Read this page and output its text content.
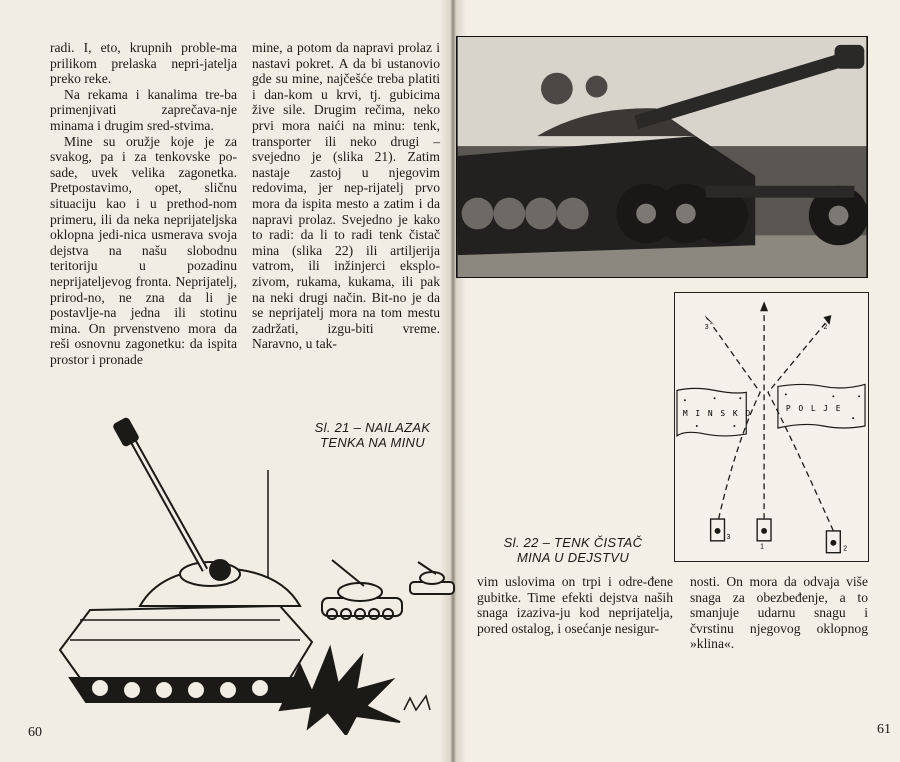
radi. I, eto, krupnih proble-ma prilikom prelaska nepri-jatelja preko reke.

Na rekama i kanalima tre-ba primenjivati zaprečava-nje minama i drugim sred-stvima.

Mine su oružje koje je za svakog, pa i za tenkovske po-sade, uvek velika zagonetka. Pretpostavimo, opet, sličnu situaciju kao i u prethod-nom primeru, ili da neka neprijateljska oklopna jedi-nica usmerava svoja dejstva na našu slobodnu teritoriju u pozadinu neprijateljevog fronta. Neprijatelj, prirod-no, ne zna da li je postavlje-na jedna ili stotinu mina. On prvenstveno mora da reši osnovnu zagonetku: da ispita prostor i pronade

mine, a potom da napravi prolaz i nastavi pokret. A da bi ustanovio gde su mine, najčešće treba platiti i dan-kom u krvi, tj. gubicima žive sile. Drugim rečima, neko prvi mora naići na minu: tenk, transporter ili neko drugi – svejedno je (slika 21). Zatim nastaje zastoj u njegovim redovima, jer nep-rijatelj prvo mora da ispita mesto a zatim i da napravi prolaz. Svejedno je kako to radi: da li to radi tenk čistač mina (slika 22) ili artiljerija vatrom, ili inžinjerci eksplo-zivom, rukama, kukama, ili pak na neki drugi način. Bit-no je da se neprijatelj mora na tom mestu zadržati, izgu-biti vreme. Naravno, u tak-

Sl. 21 – NAILAZAK
TENKA NA MINU
60
Sl. 22 – TENK ČISTAČ
MINA U DEJSTVU
M I N S K O
P O L J E
3	2
3
1	2

vim uslovima on trpi i odre-đene gubitke. Time efekti dejstva naših snaga izaziva-ju kod neprijatelja, pored ostalog, i osećanje nesigur-

nosti. On mora da odvaja više snaga za obezbeđenje, a to smanjuje udarnu snagu i čvrstinu njegovog oklopnog »klina«.

61
